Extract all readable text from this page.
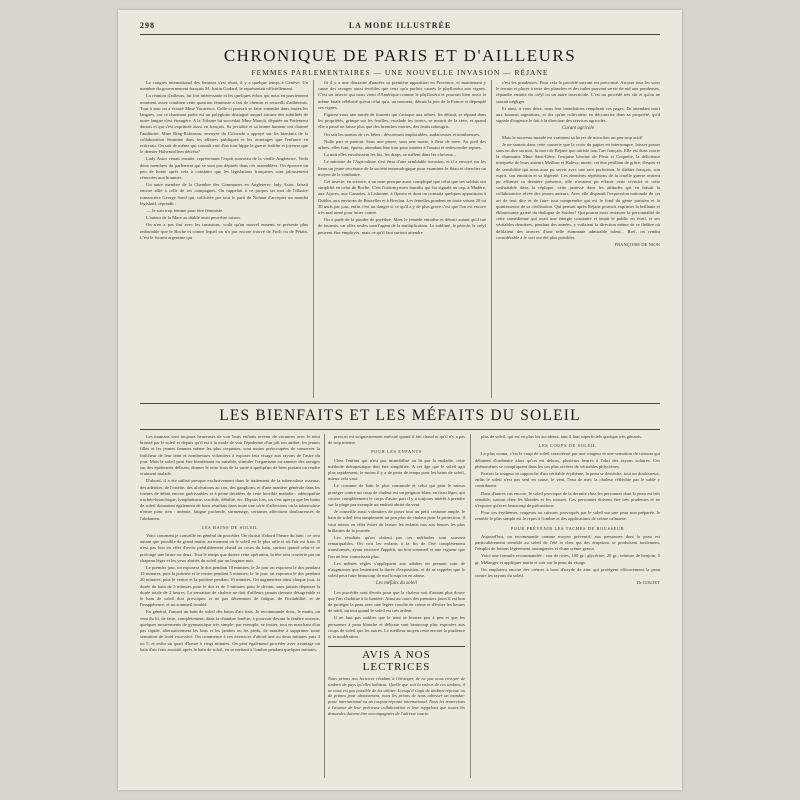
298	LA MODE ILLUSTRÉE
CHRONIQUE DE PARIS ET D'AILLEURS
FEMMES PARLEMENTAIRES — UNE NOUVELLE INVASION — RÉJANE

Le congrès international des femmes s'est réuni, il y a quelque temps à Genève. Un membre du gouvernement français M. Justin Godard, le représentait officiellement.

La réunion d'ailleurs, fut fort intéressante et les quelques échos qui nous en parviennent montrent assez combien cette question féministe a fait de chemin et recueilli d'adhérents. Tour à tour on a écouté Mme Vacaresco. Celle-ci pouvait se faire entendre dans toutes les langues, car ce charmant poète est un polyglotte distingué auquel aucune des subtilités de notre langue n'est étrangère. A la Tribune lui succédait Mme Munch, députée au Parlement danois et qui s'est exprimée aussi en français. Sa jovialité et sa bonne humeur ont charmé l'auditoire. Mme Ring-Robinson, envoyée du Colorado a appuyé sur les bienfaits de la collaboration féminine dans les affaires publiques et les avantages que l'enfance en retirerait. On sait de même qui connaît voir d'un tour hippe la guerre fraîche et joyeuse que le dernier Hohenzollern décréta?

Lady Astor venait ensuite, représentant l'esprit nouveau de la vieille Angleterre. Voilà deux membres du parlement qui se sont pas déparés dans ces assemblées. On éprouve un peu de honte après cela à constater que les législations françaises sont jalousement réservées aux hommes.

Un autre membre de la Chambre des Communes en Angleterre, lady Astor, faisait encore allié à celle de ses compagnes. On rappelait à ce propos un mot de l'illustre romancière George Sand qui, sollicitée par tout le parti de Nohant d'accepter un mandat législatif, répondit :

— Je suis trop femme pour être féministe.

L'auteur de la Mare au diable avait peut-être raison.

On n'en a pas fini avec les invasions, voilà qu'un nouvel ennemi se présente plus redoutable que le Boche et contre lequel on n'a pas encore trouvé de Foch ou de Pétain. C'est le fourmi argentine qui

fit il y a une douzaine d'années sa première apparition en Provence, et maintenant y cause des ravages aussi terribles que ceux qu'a parfois causés le phylloxéra aux vignes. C'est un insecte qui nous vient d'Amérique comme le phylloxéra et pourrait bien avoir la même fatale célébrité qu'eut celui qu'a, un moment, détruit la joie de la France et dépeuplé ses vignes.

Figurez-vous une armée de fourmis qui s'attaque aux arbres, les détruit, se répand dans les propriétés, grimpe sur les feuilles, escalade les troncs, se nourrit de la sève, et quand elle a passé ne laisse plus que des branches mortes, des fruits rabougris.

On sait les mœurs de ces bêtes : dévoreuses implacables, audacieuses et nombreuses.

Nulle part et partout. Sous une pierre, sous une motte, à fleur de terre. Au pied des arbres, elles font, épuise, attendant leur tour pour monter à l'assaut et redescendre repues.

La nuit elles envahissent les lits, les draps, se mêlent dans les cheveux...

Le ministre de l'Agriculture s'est ému d'une semblable invasion, et il a envoyé sur les lieux un jeune secrétaire de la société entomologique pour examiner le fléau et chercher un moyen de le combattre.

Cet insecte, en science, a un nom presque aussi compliqué que celui que ses soldats ont simplifié en celui de Boche. C'est l'iridomyrmex humilis qui fut signalé au cap, à Madère, aux Açores, aux Canaries, à Lisbonne, à Oporto et dont on constata quelques apparitions à Dublin, aux environs de Bruxelles et à Breslau. Les femelles pondent en toute saison 20 ou 30 œufs par jour, enfin c'est un danger si ce qu'il a y de plus grave c'est que l'on est encore très mal armé pour lutter contre.

On a parlé de la poudre de pyrèthre. Mais le remède entraîne et détruit autant qu'il tue de fourmis, car elles seules sont l'agent de la multiplication. Le sublimé, le pétrole, le créyl peuvent être employés, mais ce qu'il faut surtout attendre

c'est les pondeuses. Pour cela le procédé suivant est préconisé. Arroser tous les soirs le terrain et placer à terre des planches et des tuiles pouvant servir de nid aux pondeuses, répandre ensuite du créyl ou un autre insecticide. C'est un procédé très sûr et qu'on ne saurait négliger.

Et ainsi, à vous deux, nous leur inondations remplirait ces pages. En attendant mort aux fourmis argentines, et dix qu'un cultivateur en découvrira dans sa propriété, qu'il signale d'urgence le fait à la direction des services agricoles.

Curant agricole

Mais le nouveau monde est vraiment sa hoyer de microbes un peu trop actif!

Je ne saurais dans cette causerie que la croix du papier en interrompre, laisser passer sans en dire un mot, la mort de Réjane que attriste tout l'art français. Elle est donc morte la charmante Mme Sans-Gêne, l'exquise héroïne de Fleur et Coquette, la délicieuse interprète de leurs auteurs Meilhac et Halévy, morte, cet être pétillant de grâce, d'esprit et de sensibilité qui nous aura pu servir avec une rare perfection, le théâtre français, son esprit, son émotion et sa légèreté. Les dernières répétitions de la cruelle guerre avaient pu affirmer sa dernière présence, elle n'avaient pu effacer cette vivacité et cette souhaitable dans la réplique, cette justesse dans les attitudes qui en faisait la collaboratrice rêvée des jeunes auteurs. Avec elle disparaît l'expression nationale de cet art de tout dire et de faire tout comprendre qui est le fond du génie parisien et la quintessence de sa civilisation. Qui pensait après Réjane pouvoir exprimer la brillante et éblouissante gaieté du dialogue de Sardou? Qui pourra nous restaurer la personnalité de cette comédienne qui avait une énergie constante et tenait le public en éveil, et ses véritables dernières, pendant des années, y voilaient la direction même de ce théâtre où défilaient des œuvres d'une telle étonnante admirable talent... Bref, on rendra considérable à le sort ont été plus paisibles.

FRANÇOISE DE NION

LES BIENFAITS ET LES MÉFAITS DU SOLEIL

Les mamans sont toujours heureuses de voir leurs enfants revenir de vacances avec le teint bronzé par le soleil et depuis qu'il est à la mode de voir l'épiderme d'un joli ton ambré, les jeunes filles et les jeunes femmes même les plus coquettes, sont moins préoccupées de conserver la fraîcheur de leur teint et nombreuses volontiers à exposer leur visage aux rayons de l'astre du jour. Mais le soleil peut être bienfaisant ou nuisible, stimuler l'organisme ou amener des ravages sur des épidermes délicats, donner le teint frais de la santé à quelqu'un de bien portant ou rendre vraiment malade.

D'abord, il a été utilisé presque exclusivement dans le traitement de la tuberculose osseuse, des adénites, de l'ostéite, des ulcérations au cou, des ganglions, et d'une manière générale dans les formes de début encore guérissables et à peine décidées de cette horrible maladie : adénopathie trachéo-bronchique, lymphatisme, scrofule, débilité, etc. Depuis lors, on s'est aperçu que les bains de soleil donnaient également de bons résultats dans toute une série d'affections où la tuberculose n'entre pour rien : anémie, fatigue profonde, surmenage, certaines affections douloureuses de l'abdomen.

LES BAINS DE SOLEIL

Voici comment je conseille en général de procéder. On choisit d'abord l'heure du bain : ce sera autant que possible de grand matin, au moment où le soleil est le plus utile et où l'air est frais. Il n'est pas bon en effet d'avoir préalablement chaud au cours du bain, surtout quand celui-ci se prolonge une heure ou deux. Tout le temps que durera cette opération, la tête sera couverte par un chapeau léger et les yeux abrités du soleil par un lorgnon noir.

Le premier jour, on exposera le dos pendant 10 minutes; le 2e jour on exposera le dos pendant 15 minutes, puis la poitrine et le ventre pendant 5 minutes; le 3e jour, on exposera le dos pendant 20 minutes, puis le ventre et la poitrine pendant 10 minutes. On augmentera ainsi chaque jour, la durée du bain de 5 minutes pour le dos et de 5 minutes pour le devant, sans jamais dépasser la durée totale de 2 heures. La sensation de chaleur ne doit d'ailleurs jamais devenir désagréable et le bain de soleil doit provoquer et ne pas déterminer de fatigue, de l'irritabilité, et de l'inappétence, et un sommeil troublé.

En général, l'amant un bain de soleil des bains d'air frais. Je recommande donc, le matin, un vent du lit, de faire, complètement, dans la chambre fenêtre, à pourvoir devant la fenêtre ouverte, quelques mouvements de gymnastique très simple: par exemple, se frotter, tout en marchant d'un pas rapide, alternativement les bras et les jambes ou les pieds, de manière à supprimer toute sensation de froid excessive. On commence à ces exercices d'abord une ou deux minutes puis 4 ou 5, et enfin un quart d'heure à vingt minutes. On peut également procéder avec avantage un bain d'air frais aussitôt après le bain de soleil, en se mettant à l'ombre pendant quelques minutes.

prescrit est soigneusement exécuté quand il fait chaud et qu'il n'y a pas de trop intense.

POUR LES ENFANTS

Chez l'enfant qui n'est pas immobilisé au lit par la maladie, cette méthode thérapeutique doit être simplifiée. A cet âge que le soleil agit plus rapidement, le moins il y a de perte de temps pour les bains de soleil, mieux cela vaut.

Le costume de bain le plus commode et celui qui peut le mieux protéger contre un coup de chaleur est un peignoir blanc en tissu léger, qui couvre complètement le corps d'autre part il y a toujours intérêt à prendre sur la plage par exemple un endroit abrité du vent.

Je conseille aussi volontiers de poser tout un petit costume ample, le bain de soleil fera simplement un peu plus de chaleur pour la protection, il vaut mieux en effet éviter de laisser les enfants nus aux heures les plus brûlantes de la journée.

Les résultats qu'on obtient par ces méthodes sont souvent remarquables. On voit les enfants à la fin de l'été complètement transformés, ayant retrouvé l'appétit, un bon sommeil et une vigueur que l'on ne leur connaissait plus.

Les mêmes règles s'appliquent aux adultes en prenant soin de n'augmenter que lentement la durée d'exposition, et de se rappeler que le soleil peut faire beaucoup de mal lorsqu'on en abuse.

Les méfaits du soleil

Les procédés sont décrits pour que la chaleur soit d'autant plus douce que l'on s'habitue à la lumière. Ainsi au cours des premiers jours il est bon de protéger la peau avec une légère couche de crème et d'éviter les heures de midi, surtout quand le soleil est très ardent.

Il ne faut pas oublier que le teint se bronze peu à peu et que les personnes à peau blanche et délicate sont beaucoup plus exposées aux coups de soleil que les autres. Le meilleur moyen reste encore la prudence et la modération.

AVIS A NOS LECTRICES
Nous prions nos lectrices résidant à l'étranger, de ne pas nous envoyer de timbres de pays qu'elles habitent. Quelle que soit la valeur de ces timbres, il ne nous est pas possible de les utiliser. Lorsqu'il s'agit de timbres-réponse ou de primes pour abonnement, nous les prions de nous adresser un mandat-poste international ou un coupon-réponse international. Nous les remercions à l'avance de leur précieuse collaboration et leur rappelons que toutes les demandes doivent être accompagnées de l'adresse exacte.

plus de soleil, qui est en plus les accidents, tant il faut superficiels quoique très gênants.

LES COUPS DE SOLEIL

Le plus connu, c'est le coup de soleil caractérisé par une rougeur et une sensation de cuisson qui débutent d'ordinaire alors qu'on est dehors, plusieurs heures à l'abri des rayons solaires. Ces phénomènes se compliquent dans les cas plus sévères de véritables phlyctènes.

Parfois la rougeur se rapproche d'un véritable érythème, la peau se dessèche, tout un douloureux, enfin le soleil n'est pas seul en cause, le vent, l'eau de mer, la chaleur réfléchie par le sable y contribuent.

Dans d'autres cas encore, le soleil provoque de la dermite chez les personnes dont la peau est très sensible, surtout chez les blondes et les rousses. Ces personnes doivent être très prudentes et ne s'exposer qu'avec beaucoup de précautions.

Pour ces érythèmes, rougeurs ou cuisson, provoqués par le soleil sur une peau non préparée, le remède le plus simple est le repos à l'ombre et des applications de crème calmante.

POUR PRÉVENIR LES TACHES DE ROUSSEUR

Aujourd'hui, on recommande comme moyen préventif, aux personnes dont la peau est particulièrement sensible au soleil de l'été et chez qui des éruptions se produisent facilement, l'emploi de lotions légèrement astringentes et d'une crème grasse.

Voici une formule recommandée : eau de roses, 100 gr.; glycérine, 20 gr.; teinture de benjoin, 5 gr. Mélanger et appliquer matin et soir sur la peau du visage.

On emploiera encore des crèmes à base d'oxyde de zinc qui protègent efficacement la peau contre les rayons du soleil.

Dr GOUJET
